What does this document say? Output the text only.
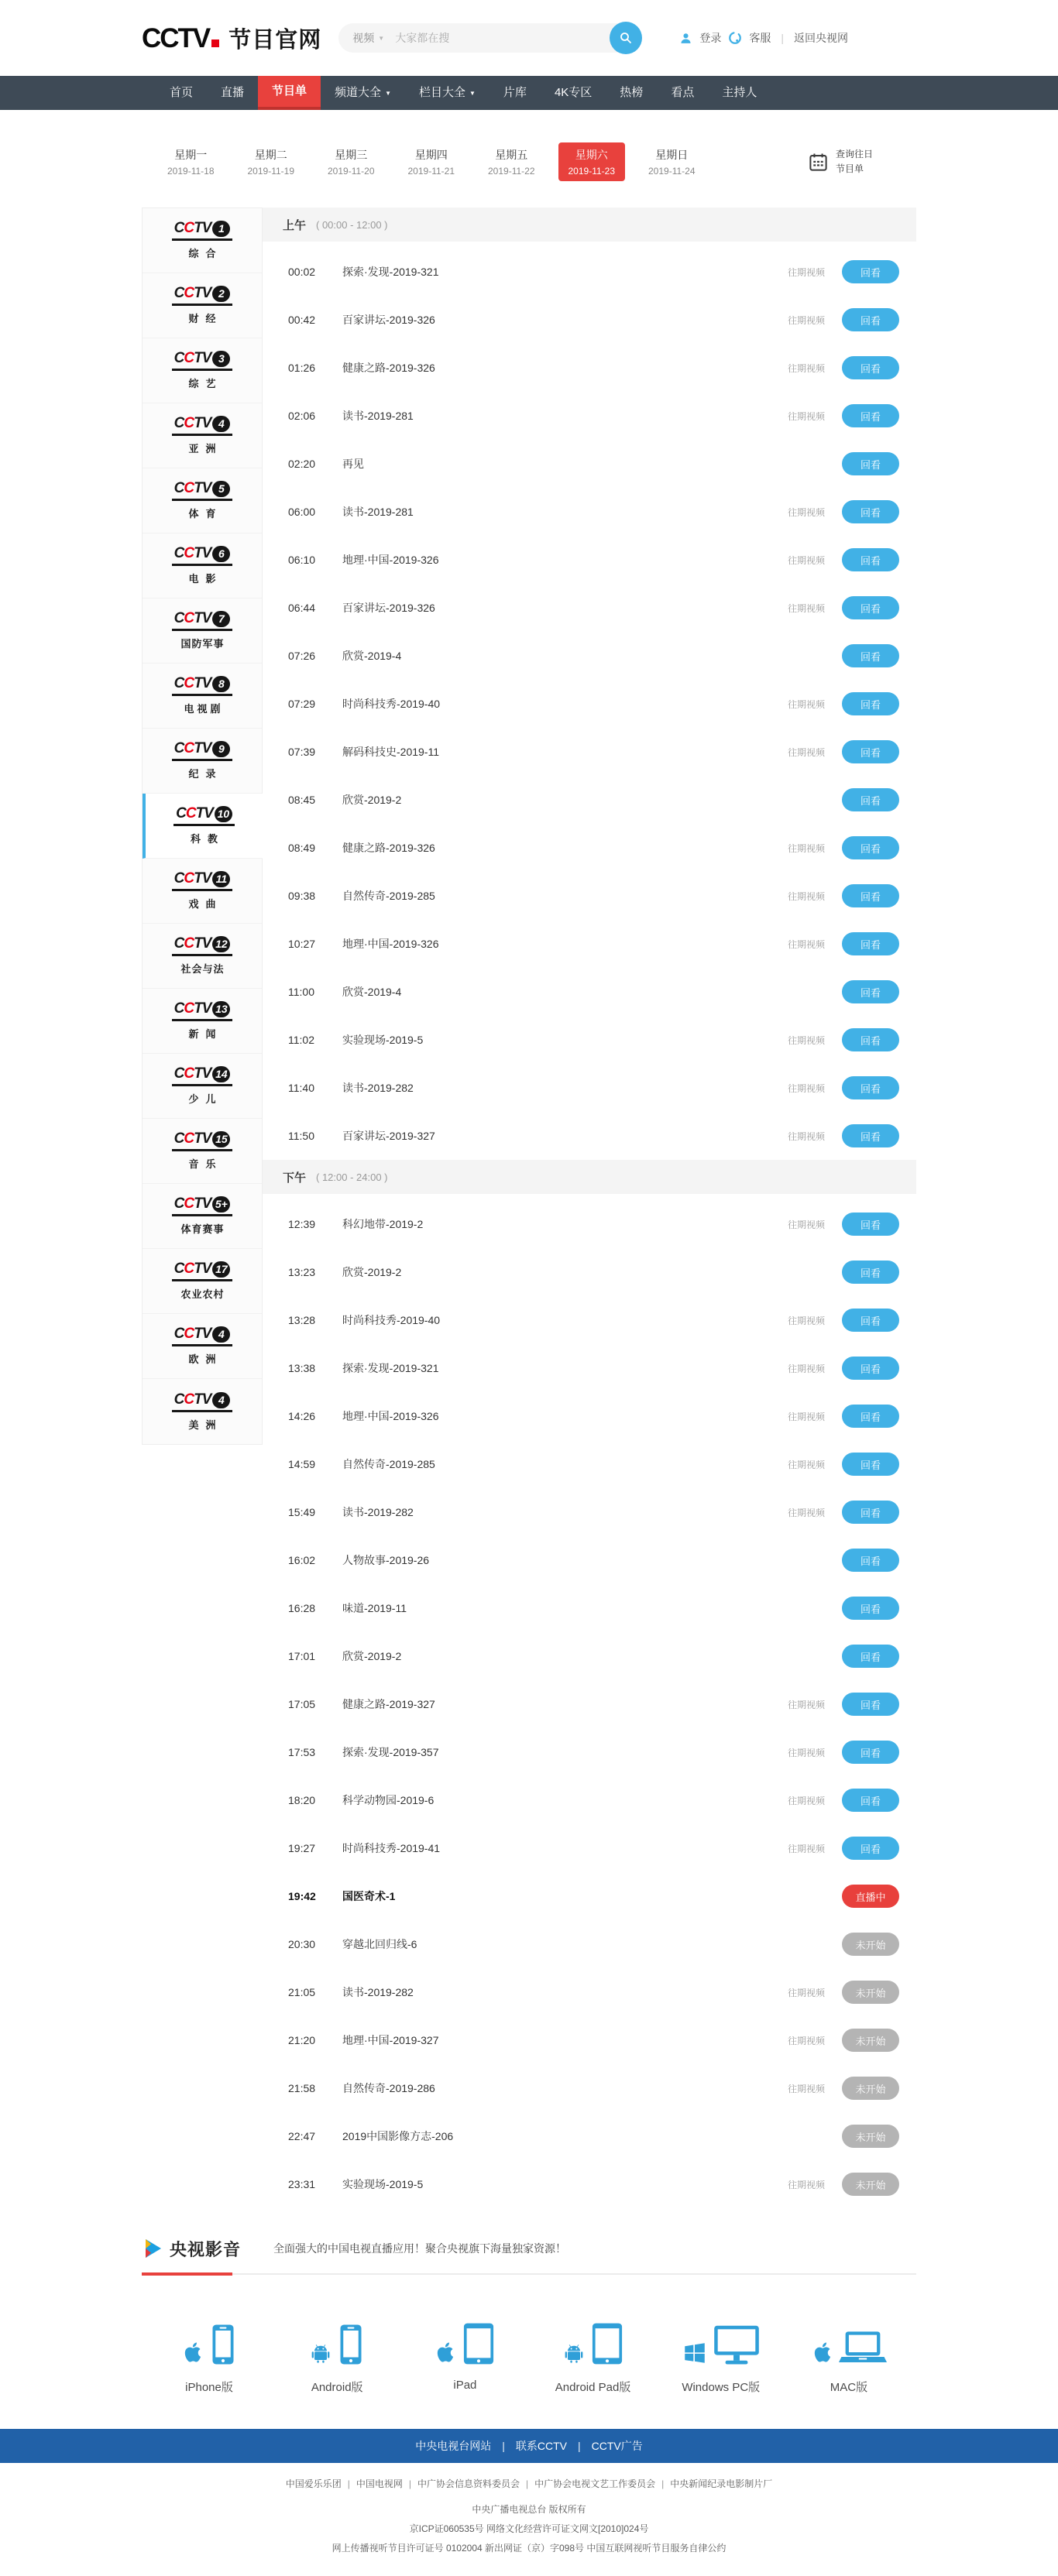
CCTV 节目官网	视频 ▼
大家都在搜	登录	客服 | 返回央视网
首页 直播 节目单 频道大全 ▼ 栏目大全 ▼ 片库 4K专区 热榜 看点 主持人
星期一
2019-11-18
星期二
2019-11-19
星期三
2019-11-20
星期四
2019-11-21
星期五
2019-11-22
星期六
2019-11-23
星期日
2019-11-24
查询往日
节目单
CCTV 1
综合
CCTV 2
财经
CCTV 3
综艺
CCTV 4
亚洲
CCTV 5
体育
CCTV 6
电影
CCTV 7
国防军事
CCTV 8
电视剧
CCTV 9
纪录
CCTV 10
科教
CCTV 11
戏曲
CCTV 12
社会与法
CCTV 13
新闻
CCTV 14
少儿
CCTV 15
音乐
CCTV 5+
体育赛事
CCTV 17
农业农村
CCTV 4
欧洲
CCTV 4
美洲
上午 ( 00:00 - 12:00 )
00:02	探索·发现-2019-321	往期视频	回看
00:42	百家讲坛-2019-326	往期视频	回看
01:26	健康之路-2019-326	往期视频	回看
02:06	读书-2019-281	往期视频	回看
02:20	再见	回看
06:00	读书-2019-281	往期视频	回看
06:10	地理·中国-2019-326	往期视频	回看
06:44	百家讲坛-2019-326	往期视频	回看
07:26	欣赏-2019-4	回看
07:29	时尚科技秀-2019-40	往期视频	回看
07:39	解码科技史-2019-11	往期视频	回看
08:45	欣赏-2019-2	回看
08:49	健康之路-2019-326	往期视频	回看
09:38	自然传奇-2019-285	往期视频	回看
10:27	地理·中国-2019-326	往期视频	回看
11:00	欣赏-2019-4	回看
11:02	实验现场-2019-5	往期视频	回看
11:40	读书-2019-282	往期视频	回看
11:50	百家讲坛-2019-327	往期视频	回看
下午 ( 12:00 - 24:00 )
12:39	科幻地带-2019-2	往期视频	回看
13:23	欣赏-2019-2	回看
13:28	时尚科技秀-2019-40	往期视频	回看
13:38	探索·发现-2019-321	往期视频	回看
14:26	地理·中国-2019-326	往期视频	回看
14:59	自然传奇-2019-285	往期视频	回看
15:49	读书-2019-282	往期视频	回看
16:02	人物故事-2019-26	回看
16:28	味道-2019-11	回看
17:01	欣赏-2019-2	回看
17:05	健康之路-2019-327	往期视频	回看
17:53	探索·发现-2019-357	往期视频	回看
18:20	科学动物园-2019-6	往期视频	回看
19:27	时尚科技秀-2019-41	往期视频	回看
19:42	国医奇术-1	直播中
20:30	穿越北回归线-6	未开始
21:05	读书-2019-282	往期视频	未开始
21:20	地理·中国-2019-327	往期视频	未开始
21:58	自然传奇-2019-286	往期视频	未开始
22:47	2019中国影像方志-206	未开始
23:31	实验现场-2019-5	往期视频	未开始
央视影音	全面强大的中国电视直播应用！聚合央视旗下海量独家资源！
iPhone版	Android版	iPad	Android Pad版	Windows PC版	MAC版
中央电视台网站 | 联系CCTV | CCTV广告
中国爱乐乐团 | 中国电视网 | 中广协会信息资料委员会 | 中广协会电视文艺工作委员会 | 中央新闻纪录电影制片厂
中央广播电视总台 版权所有
京ICP证060535号 网络文化经营许可证文网文[2010]024号
网上传播视听节目许可证号 0102004 新出网证（京）字098号 中国互联网视听节目服务自律公约
